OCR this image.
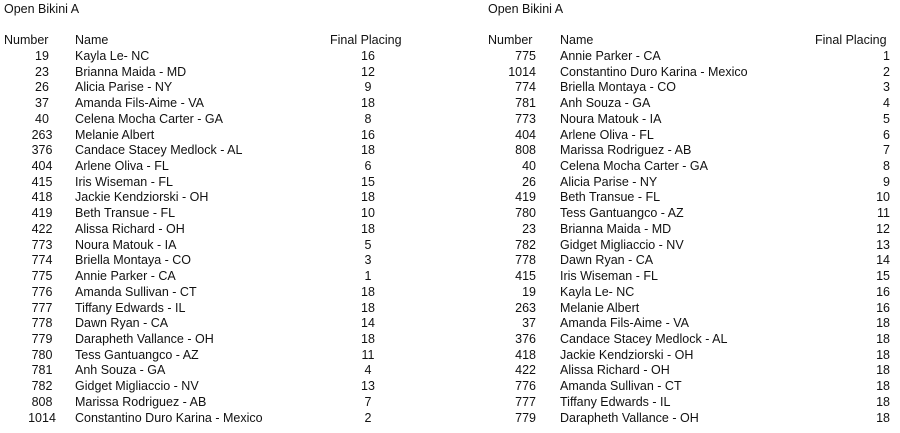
Open Bikini A
Number Name	Final Placing
19	Kayla Le- NC	16
23	Brianna Maida - MD	12
26	Alicia Parise - NY	9
37	Amanda Fils-Aime - VA	18
40	Celena Mocha Carter - GA	8
263	Melanie Albert	16
376	Candace Stacey Medlock - AL	18
404	Arlene Oliva - FL	6
415	Iris Wiseman - FL	15
418	Jackie Kendziorski - OH	18
419	Beth Transue - FL	10
422	Alissa Richard - OH	18
773	Noura Matouk - IA	5
774	Briella Montaya - CO	3
775	Annie Parker - CA	1
776	Amanda Sullivan - CT	18
777	Tiffany Edwards - IL	18
778	Dawn Ryan - CA	14
779	Darapheth Vallance - OH	18
780	Tess Gantuangco - AZ	11
781	Anh Souza - GA	4
782	Gidget Migliaccio - NV	13
808	Marissa Rodriguez - AB	7
1014	Constantino Duro Karina - Mexico	2
Open Bikini A
Number Name	Final Placing
775 Annie Parker - CA	1
1014 Constantino Duro Karina - Mexico	2
774 Briella Montaya - CO	3
781 Anh Souza - GA	4
773 Noura Matouk - IA	5
404 Arlene Oliva - FL	6
808 Marissa Rodriguez - AB	7
40 Celena Mocha Carter - GA	8
26 Alicia Parise - NY	9
419 Beth Transue - FL	10
780 Tess Gantuangco - AZ	11
23 Brianna Maida - MD	12
782 Gidget Migliaccio - NV	13
778 Dawn Ryan - CA	14
415 Iris Wiseman - FL	15
19 Kayla Le- NC	16
263 Melanie Albert	16
37 Amanda Fils-Aime - VA	18
376 Candace Stacey Medlock - AL	18
418 Jackie Kendziorski - OH	18
422 Alissa Richard - OH	18
776 Amanda Sullivan - CT	18
777 Tiffany Edwards - IL	18
779 Darapheth Vallance - OH	18
